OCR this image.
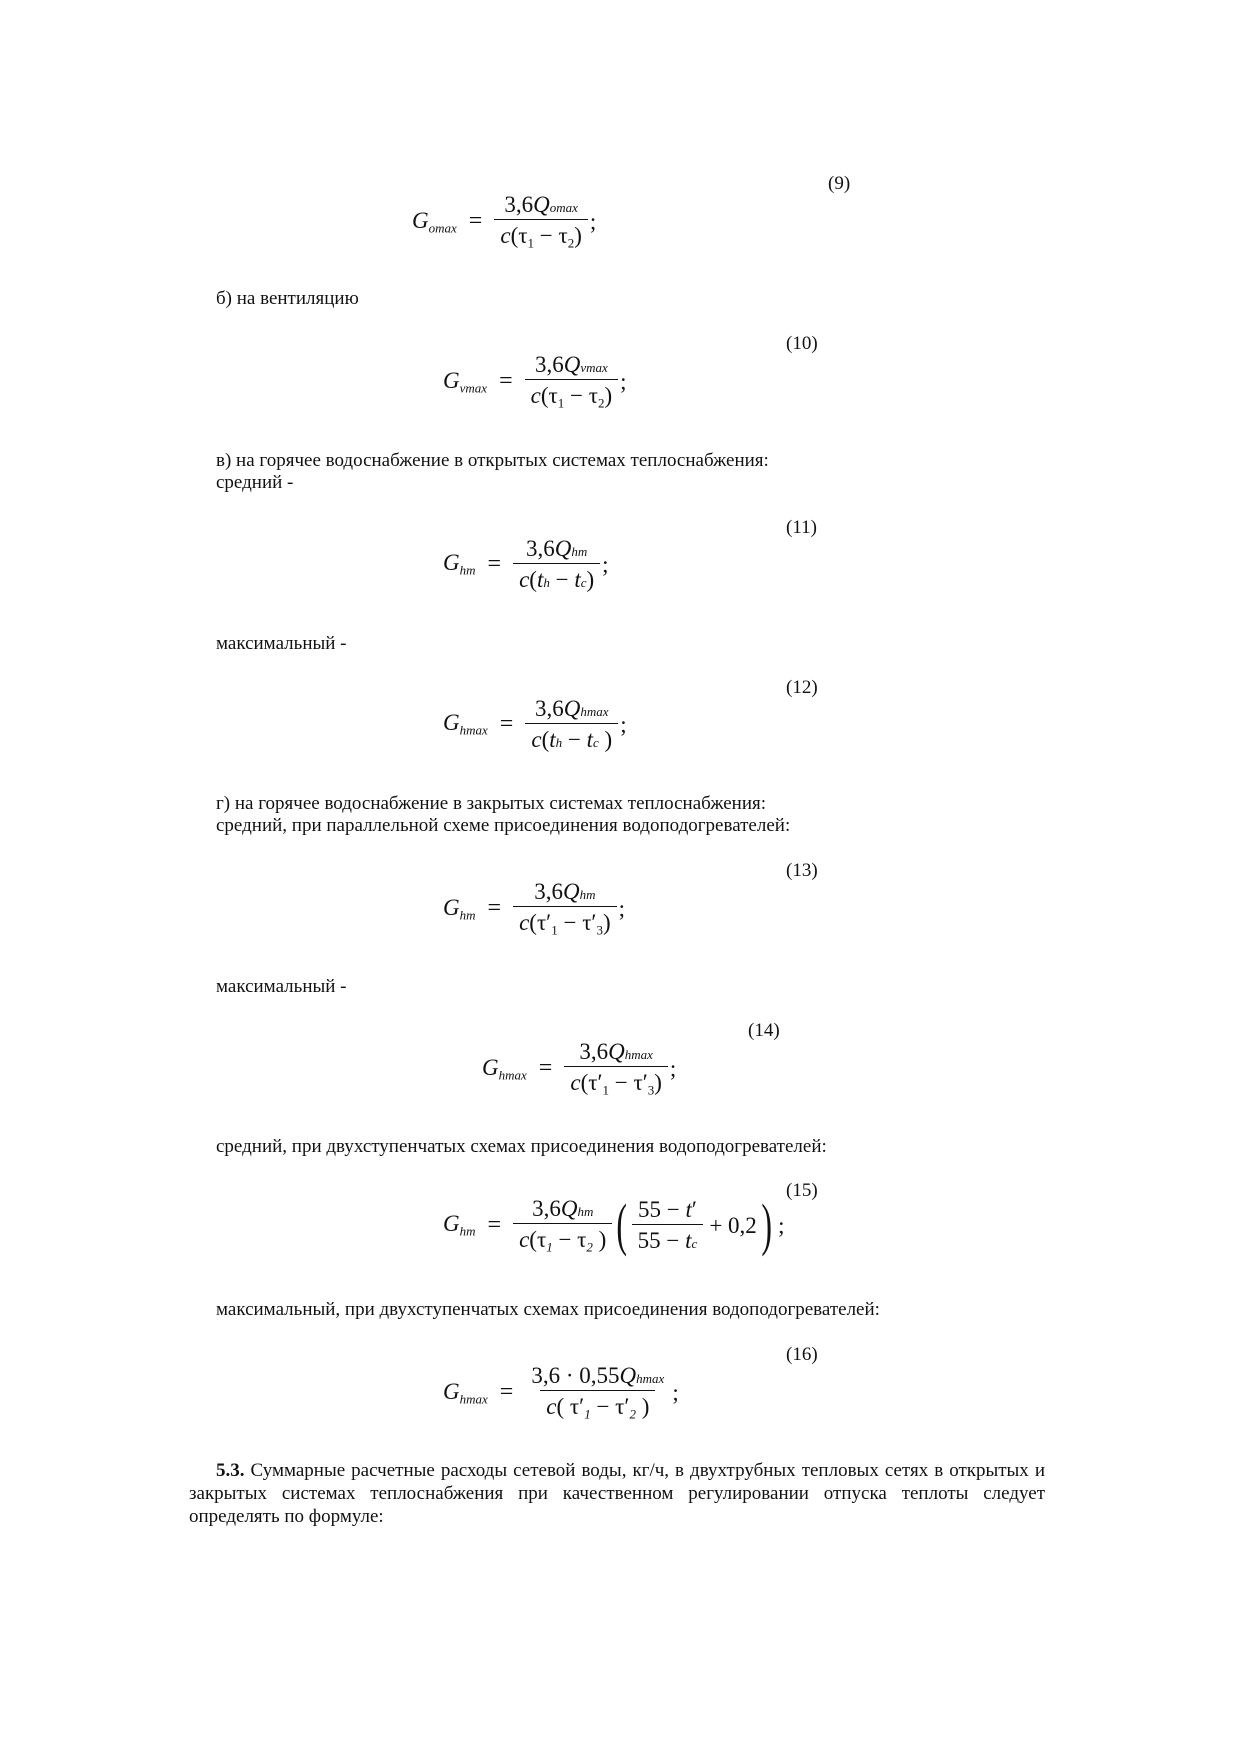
(9)
$G_{omax} = \frac{3,6Qomax}{c(\tau_1 - \tau_2)}$ ;
б) на вентиляцию
(10)
$G_{vmax} = \frac{3,6Qvmax}{c(\tau_1 - \tau_2)}$ ;
в) на горячее водоснабжение в открытых системах теплоснабжения:
средний -
(11)
$G_{hm} = \frac{\text{3,6Qhm}}{c(th - tc)}$ ;
максимальный -
(12)
$G_{hmax} = \frac{3,6Qhmax}{c(th - tc )}$ ;
г) на горячее водоснабжение в закрытых системах теплоснабжения:
средний, при параллельной схеме присоединения водоподогревателей:
(13)
$G_{hm} = \frac{\text{3,6Qhm}}{c(\tau'_1 - \tau'_3)}$ ;
максимальный -
(14)
$G_{hmax} = \frac{3,6Qhmax}{c(\tau'_1 - \tau'_3)}$ ;
средний, при двухступенчатых схемах присоединения водоподогревателей:
(15)
$G_{hm} = \frac{\text{3,6Qhm}}{c(\tau_1 - \tau_2 )}$ ( $\frac{55 - t'}{55 - tc} + 0,2$ ) ;
максимальный, при двухступенчатых схемах присоединения водоподогревателей:
(16)
$G_{hmax} = \frac{3,6 \cdot 0,55Qhmax}{c( \tau'_1 - \tau'_2 )}$ ;
5.3. Суммарные расчетные расходы сетевой воды, кг/ч, в двухтрубных тепловых сетях в открытых и закрытых системах теплоснабжения при качественном регулировании отпуска теплоты следует определять по формуле:
